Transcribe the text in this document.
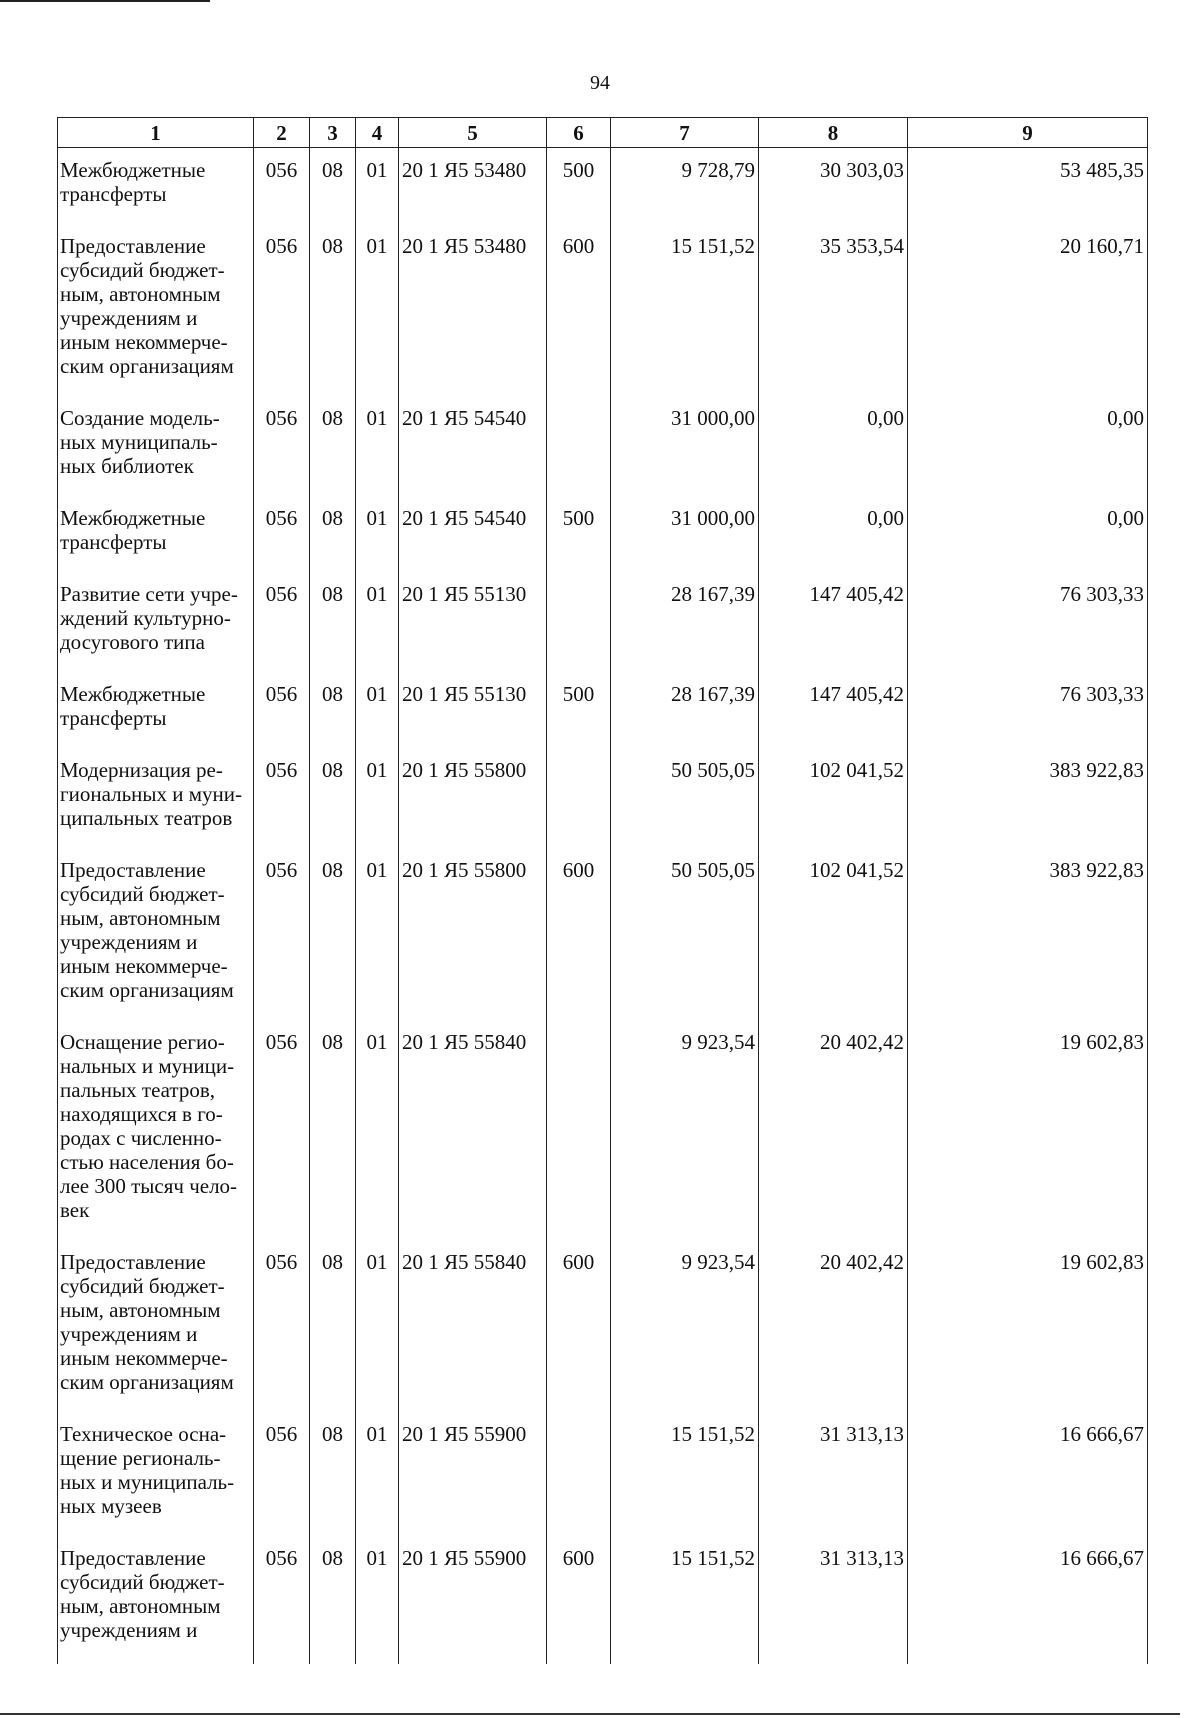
94
1	2	3	4	5	6	7	8	9
Межбюджетные трансферты	056	08	01	20 1 Я5 53480	500	9 728,79	30 303,03	53 485,35
Предоставление субсидий бюджет-ным, автономным учреждениям и иным некоммерче-ским организациям	056	08	01	20 1 Я5 53480	600	15 151,52	35 353,54	20 160,71
Создание модель-ных муниципаль-ных библиотек	056	08	01	20 1 Я5 54540		31 000,00	0,00	0,00
Межбюджетные трансферты	056	08	01	20 1 Я5 54540	500	31 000,00	0,00	0,00
Развитие сети учре-ждений культурно-досугового типа	056	08	01	20 1 Я5 55130		28 167,39	147 405,42	76 303,33
Межбюджетные трансферты	056	08	01	20 1 Я5 55130	500	28 167,39	147 405,42	76 303,33
Модернизация ре-гиональных и муни-ципальных театров	056	08	01	20 1 Я5 55800		50 505,05	102 041,52	383 922,83
Предоставление субсидий бюджет-ным, автономным учреждениям и иным некоммерче-ским организациям	056	08	01	20 1 Я5 55800	600	50 505,05	102 041,52	383 922,83
Оснащение регио-нальных и муници-пальных театров, находящихся в го-родах с численно-стью населения бо-лее 300 тысяч чело-век	056	08	01	20 1 Я5 55840		9 923,54	20 402,42	19 602,83
Предоставление субсидий бюджет-ным, автономным учреждениям и иным некоммерче-ским организациям	056	08	01	20 1 Я5 55840	600	9 923,54	20 402,42	19 602,83
Техническое осна-щение региональ-ных и муниципаль-ных музеев	056	08	01	20 1 Я5 55900		15 151,52	31 313,13	16 666,67
Предоставление субсидий бюджет-ным, автономным учреждениям и	056	08	01	20 1 Я5 55900	600	15 151,52	31 313,13	16 666,67
